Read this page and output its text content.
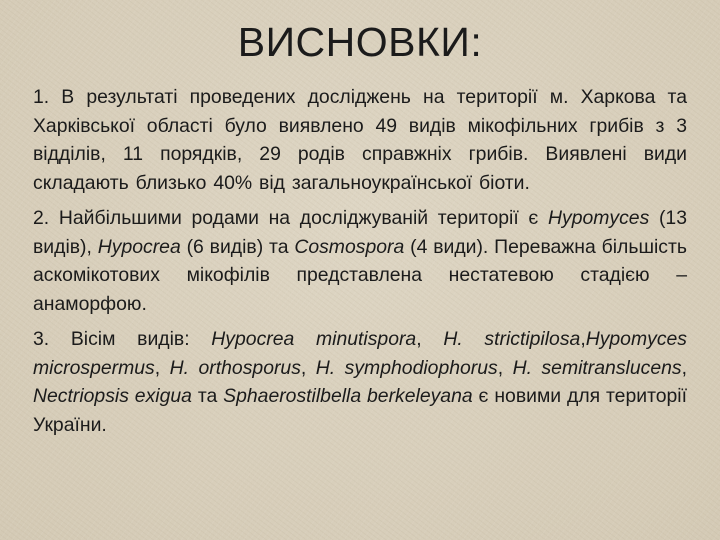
ВИСНОВКИ:

1. В результаті проведених досліджень на території м. Харкова та Харківської області було виявлено 49 видів мікофільних грибів з 3 відділів, 11 порядків, 29 родів справжніх грибів. Виявлені види складають близько 40% від загальноукраїнської біоти.

2. Найбільшими родами на досліджуваній території є Hypomyces (13 видів), Hypocrea (6 видів) та Cosmospora (4 види). Переважна більшість аскомікотових мікофілів представлена нестатевою стадією – анаморфою.

3. Вісім видів: Hypocrea minutispora, H. strictipilosa,Hypomyces microspermus, H. orthosporus, H. symphodiophorus, H. semitranslucens, Nectriopsis exigua та Sphaerostilbella berkeleyana є новими для території України.
